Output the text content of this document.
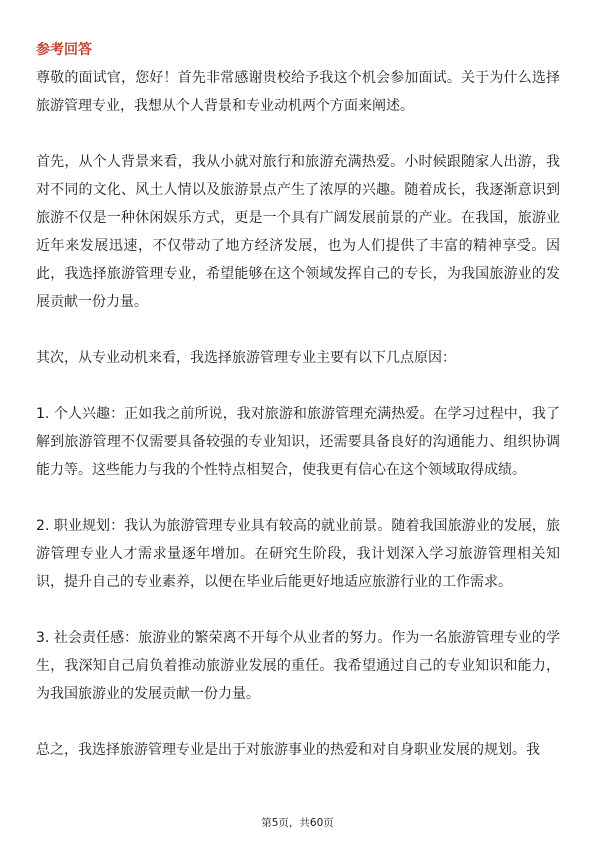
参考回答

尊敬的面试官，您好！首先非常感谢贵校给予我这个机会参加面试。关于为什么选择旅游管理专业，我想从个人背景和专业动机两个方面来阐述。

首先，从个人背景来看，我从小就对旅行和旅游充满热爱。小时候跟随家人出游，我对不同的文化、风土人情以及旅游景点产生了浓厚的兴趣。随着成长，我逐渐意识到旅游不仅是一种休闲娱乐方式，更是一个具有广阔发展前景的产业。在我国，旅游业近年来发展迅速，不仅带动了地方经济发展，也为人们提供了丰富的精神享受。因此，我选择旅游管理专业，希望能够在这个领域发挥自己的专长，为我国旅游业的发展贡献一份力量。

其次，从专业动机来看，我选择旅游管理专业主要有以下几点原因：

1. 个人兴趣：正如我之前所说，我对旅游和旅游管理充满热爱。在学习过程中，我了解到旅游管理不仅需要具备较强的专业知识，还需要具备良好的沟通能力、组织协调能力等。这些能力与我的个性特点相契合，使我更有信心在这个领域取得成绩。

2. 职业规划：我认为旅游管理专业具有较高的就业前景。随着我国旅游业的发展，旅游管理专业人才需求量逐年增加。在研究生阶段，我计划深入学习旅游管理相关知识，提升自己的专业素养，以便在毕业后能更好地适应旅游行业的工作需求。

3. 社会责任感：旅游业的繁荣离不开每个从业者的努力。作为一名旅游管理专业的学生，我深知自己肩负着推动旅游业发展的重任。我希望通过自己的专业知识和能力，为我国旅游业的发展贡献一份力量。

总之，我选择旅游管理专业是出于对旅游事业的热爱和对自身职业发展的规划。我

第5页，共60页
